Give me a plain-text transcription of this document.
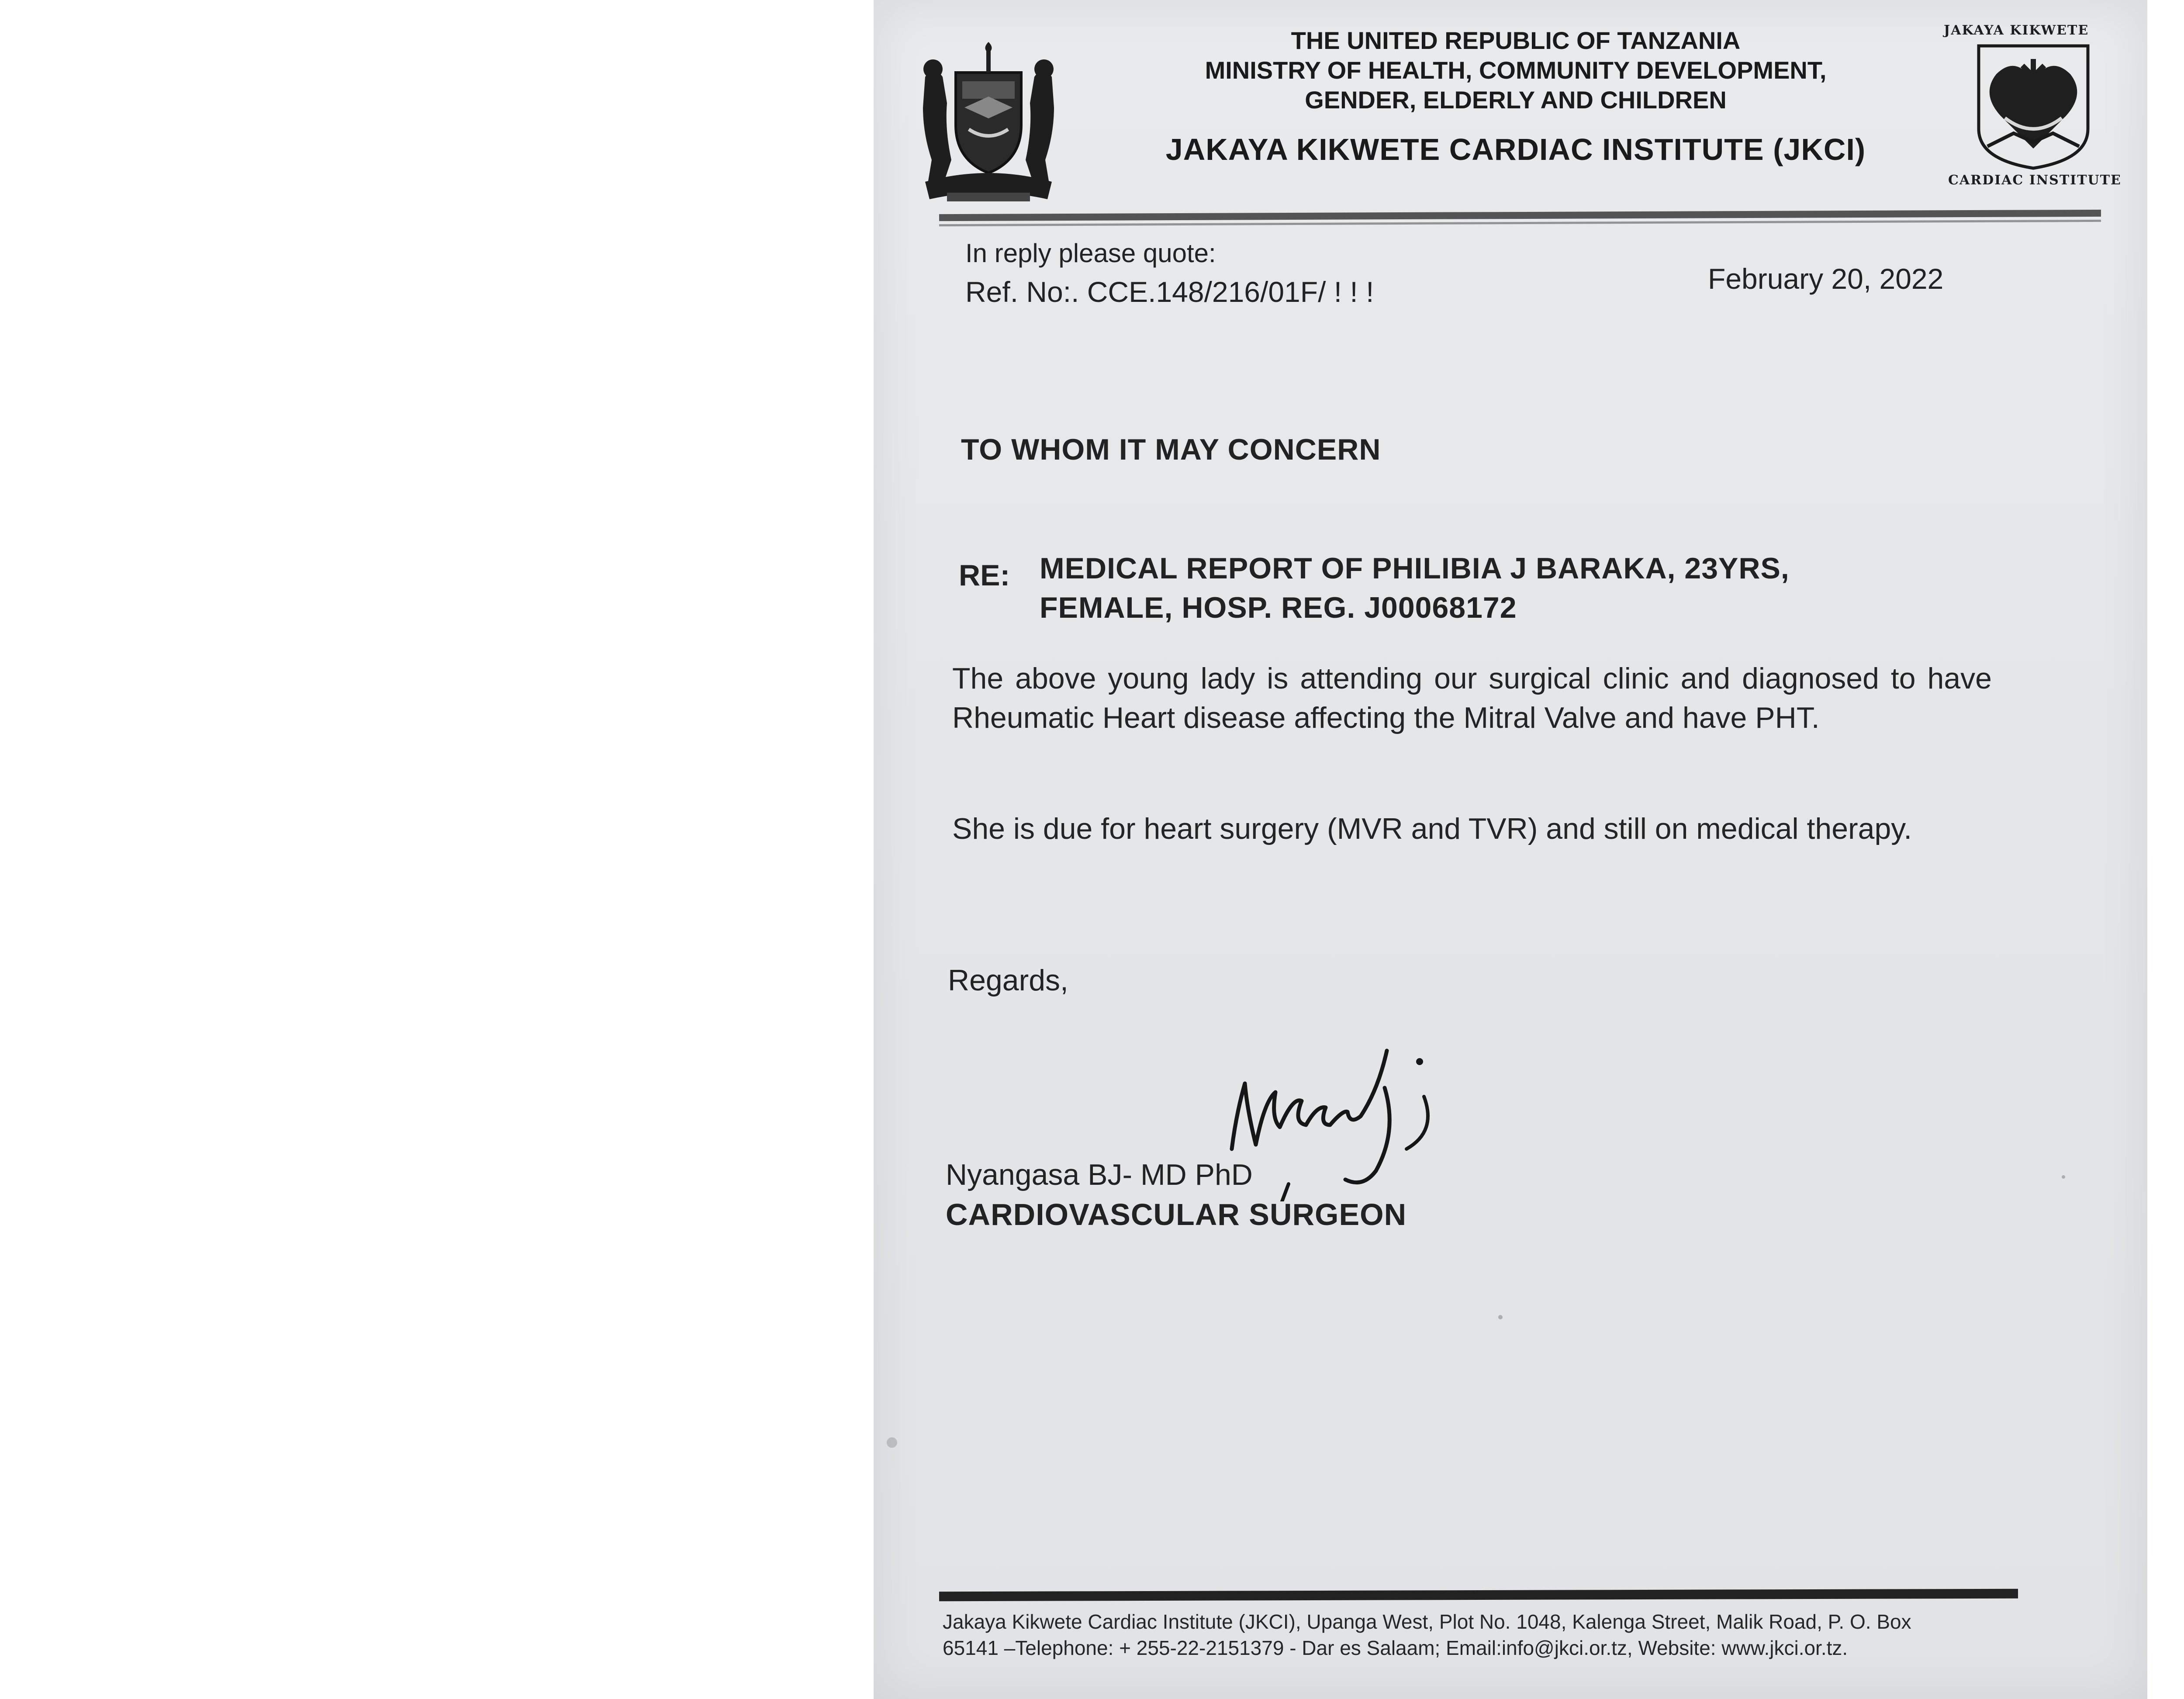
JAKAYA KIKWETE
CARDIAC INSTITUTE
THE UNITED REPUBLIC OF TANZANIA
MINISTRY OF HEALTH, COMMUNITY DEVELOPMENT,
GENDER, ELDERLY AND CHILDREN
JAKAYA KIKWETE CARDIAC INSTITUTE (JKCI)
In reply please quote:
Ref. No:. CCE.148/216/01F/ ! ! !	February 20, 2022
TO WHOM IT MAY CONCERN
RE: MEDICAL REPORT OF PHILIBIA J BARAKA, 23YRS,
FEMALE, HOSP. REG. J00068172
The above young lady is attending our surgical clinic and diagnosed to have Rheumatic Heart disease affecting the Mitral Valve and have PHT.
She is due for heart surgery (MVR and TVR) and still on medical therapy.
Regards,
Nyangasa BJ- MD PhD
CARDIOVASCULAR SURGEON
Jakaya Kikwete Cardiac Institute (JKCI), Upanga West, Plot No. 1048, Kalenga Street, Malik Road, P. O. Box
65141 –Telephone: + 255-22-2151379 - Dar es Salaam; Email:info@jkci.or.tz, Website: www.jkci.or.tz.
